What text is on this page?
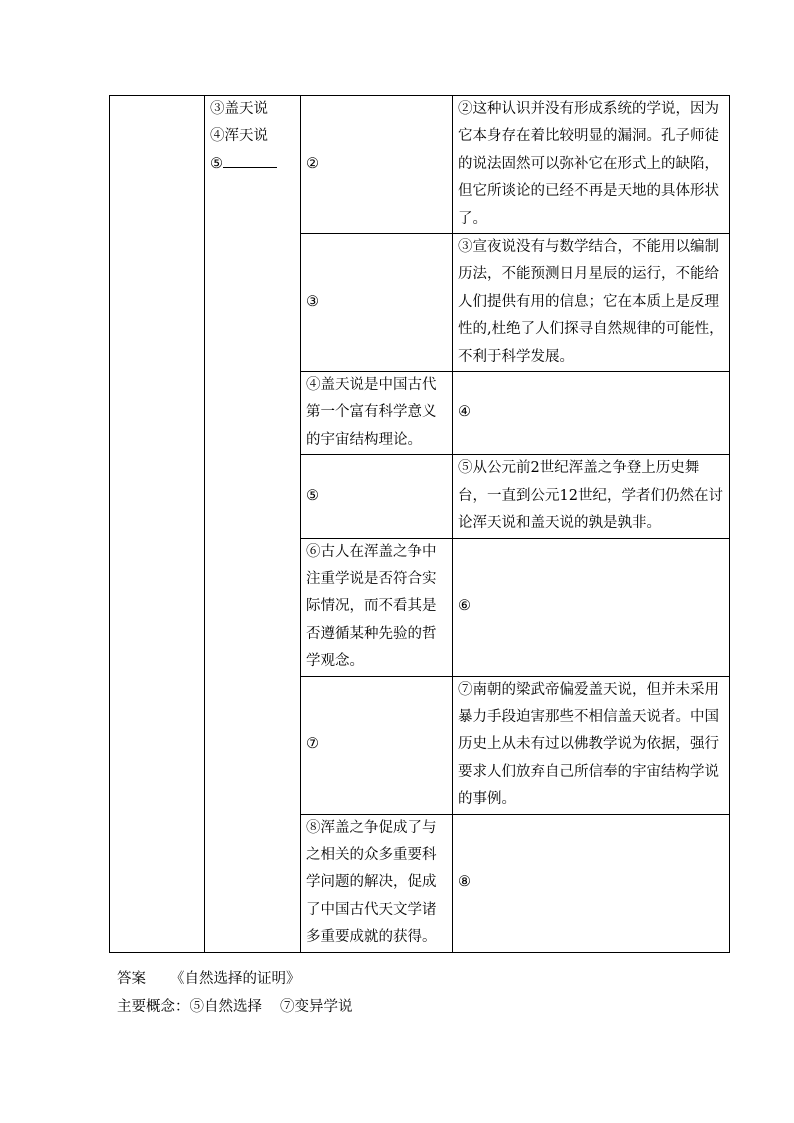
	③盖天说
④浑天说
⑤	②	②这种认识并没有形成系统的学说，因为它本身存在着比较明显的漏洞。孔子师徒的说法固然可以弥补它在形式上的缺陷，但它所谈论的已经不再是天地的具体形状了。
		③	③宣夜说没有与数学结合，不能用以编制历法，不能预测日月星辰的运行，不能给人们提供有用的信息；它在本质上是反理性的,杜绝了人们探寻自然规律的可能性，不利于科学发展。
		④盖天说是中国古代第一个富有科学意义的宇宙结构理论。	④
		⑤	⑤从公元前2世纪浑盖之争登上历史舞台，一直到公元12世纪，学者们仍然在讨论浑天说和盖天说的孰是孰非。
		⑥古人在浑盖之争中注重学说是否符合实际情况，而不看其是否遵循某种先验的哲学观念。	⑥
		⑦	⑦南朝的梁武帝偏爱盖天说，但并未采用暴力手段迫害那些不相信盖天说者。中国历史上从未有过以佛教学说为依据，强行要求人们放弃自己所信奉的宇宙结构学说的事例。
		⑧浑盖之争促成了与之相关的众多重要科学问题的解决，促成了中国古代天文学诸多重要成就的获得。	⑧
答案 《自然选择的证明》
主要概念：⑤自然选择 ⑦变异学说
